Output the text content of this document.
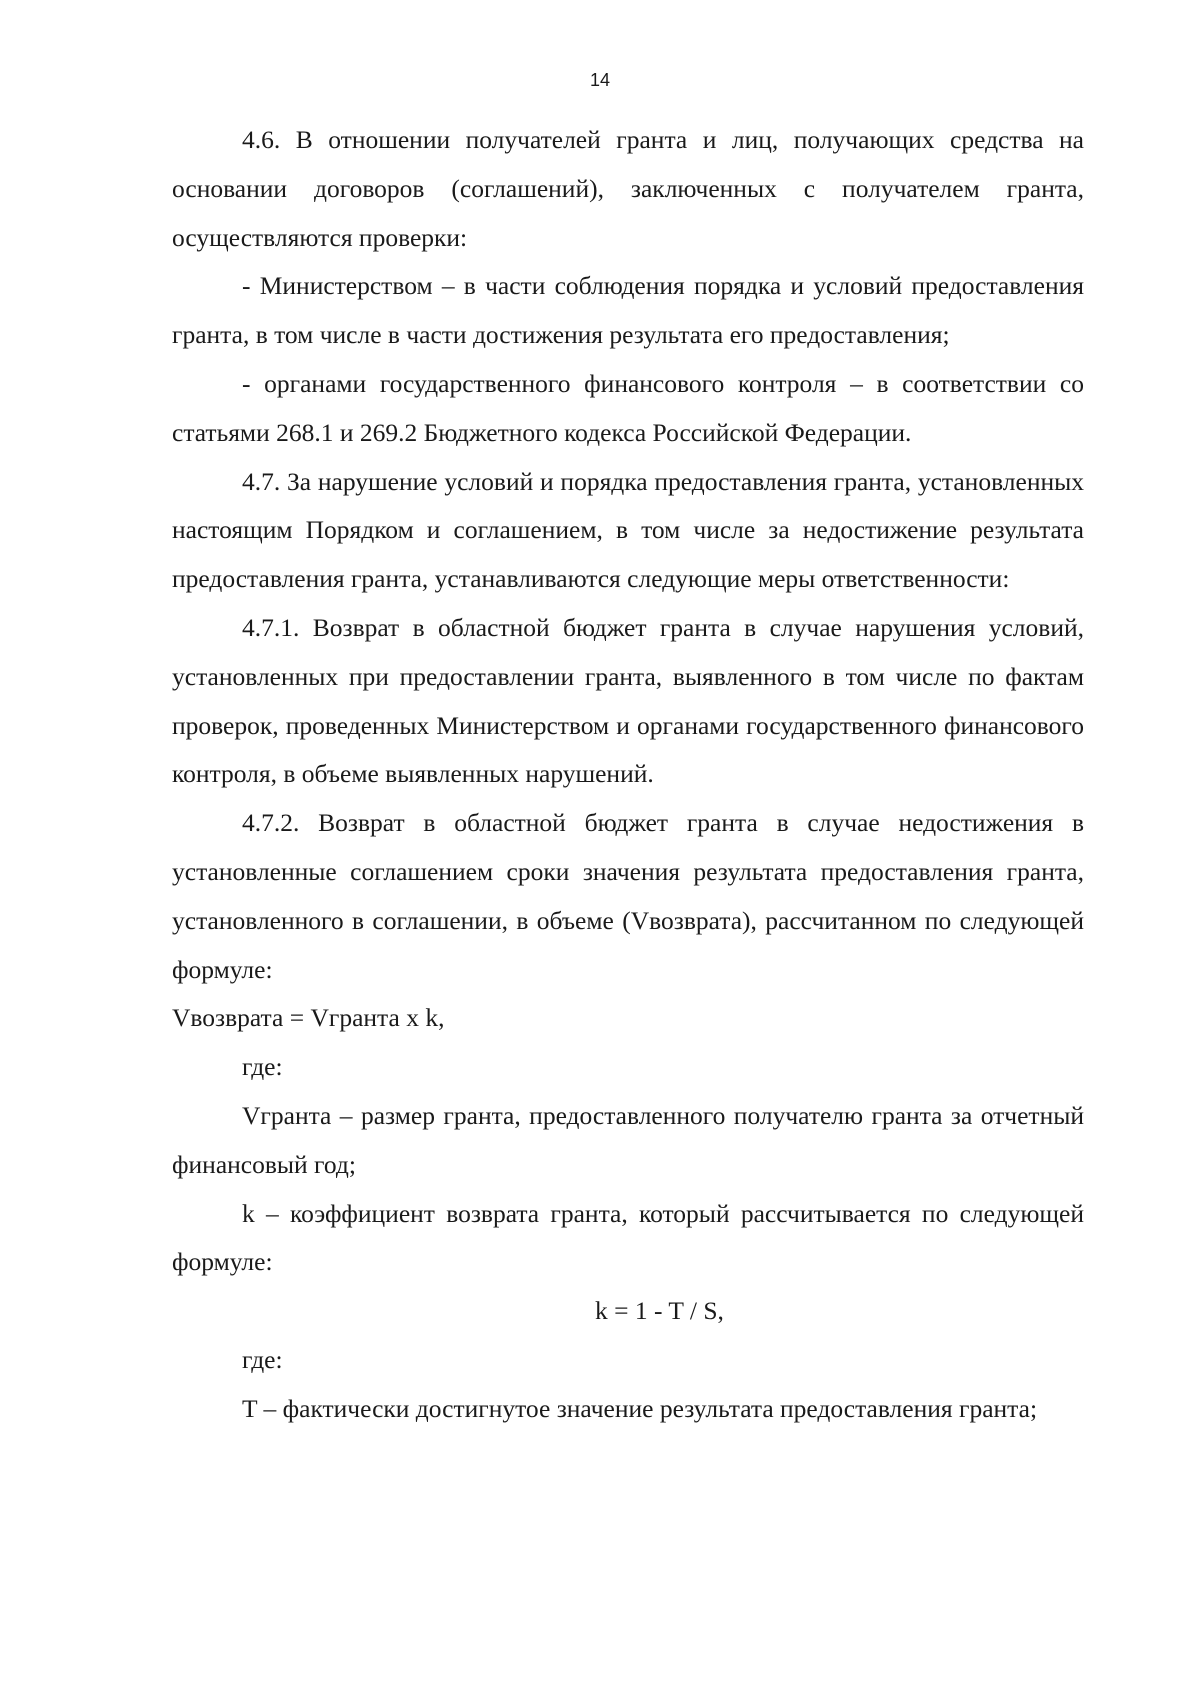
14

4.6. В отношении получателей гранта и лиц, получающих средства на основании договоров (соглашений), заключенных с получателем гранта, осуществляются проверки:

- Министерством – в части соблюдения порядка и условий предоставления гранта, в том числе в части достижения результата его предоставления;

- органами государственного финансового контроля – в соответствии со статьями 268.1 и 269.2 Бюджетного кодекса Российской Федерации.

4.7. За нарушение условий и порядка предоставления гранта, установленных настоящим Порядком и соглашением, в том числе за недостижение результата предоставления гранта, устанавливаются следующие меры ответственности:

4.7.1. Возврат в областной бюджет гранта в случае нарушения условий, установленных при предоставлении гранта, выявленного в том числе по фактам проверок, проведенных Министерством и органами государственного финансового контроля, в объеме выявленных нарушений.

4.7.2. Возврат в областной бюджет гранта в случае недостижения в установленные соглашением сроки значения результата предоставления гранта, установленного в соглашении, в объеме (Vвозврата), рассчитанном по следующей формуле:

Vвозврата = Vгранта x k,

где:

Vгранта – размер гранта, предоставленного получателю гранта за отчетный финансовый год;

k – коэффициент возврата гранта, который рассчитывается по следующей формуле:

k = 1 - T / S,

где:

T – фактически достигнутое значение результата предоставления гранта;
